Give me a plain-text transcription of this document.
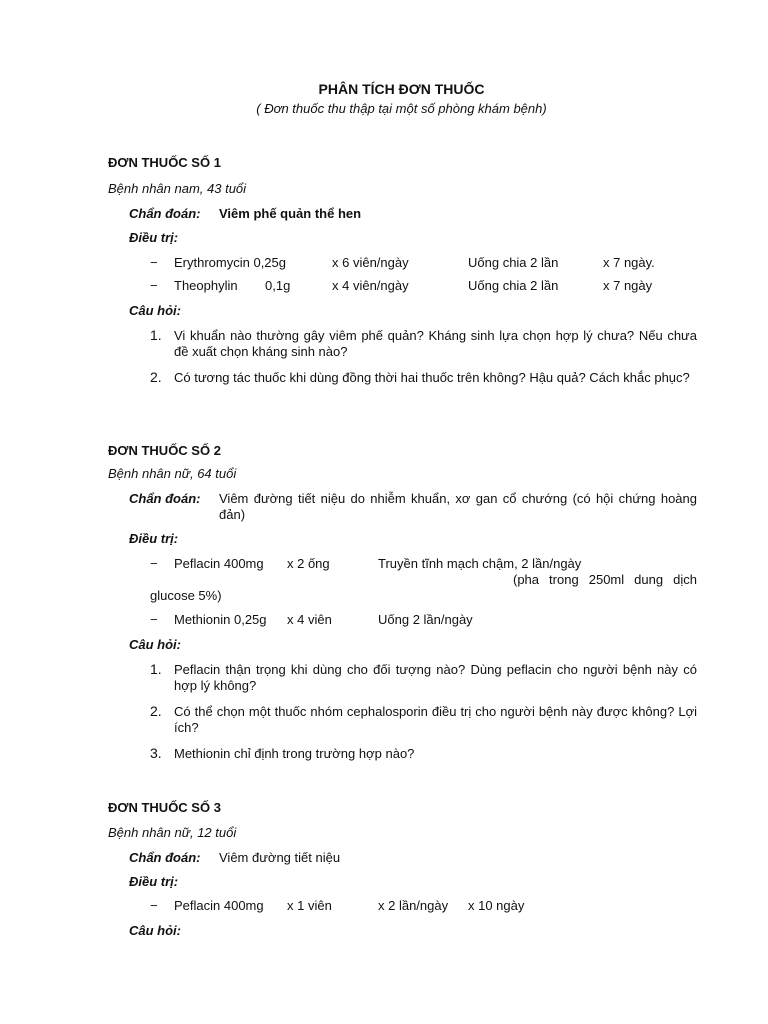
PHÂN TÍCH ĐƠN THUỐC
( Đơn thuốc thu thập tại một số phòng khám bệnh)
ĐƠN THUỐC SỐ 1
Bệnh nhân nam, 43 tuổi
Chẩn đoán: Viêm phế quản thể hen
Điều trị:
− Erythromycin 0,25g	x 6 viên/ngày	Uống chia 2 lần	x 7 ngày.
− Theophylin 0,1g	x 4 viên/ngày	Uống chia 2 lần	x 7 ngày
Câu hỏi:
1. Vi khuẩn nào thường gây viêm phế quản? Kháng sinh lựa chọn hợp lý chưa? Nếu chưa đề xuất chọn kháng sinh nào?
2. Có tương tác thuốc khi dùng đồng thời hai thuốc trên không? Hậu quả? Cách khắc phục?
ĐƠN THUỐC SỐ 2
Bệnh nhân nữ, 64 tuổi
Chẩn đoán: Viêm đường tiết niệu do nhiễm khuẩn, xơ gan cổ chướng (có hội chứng hoàng đản)
Điều trị:
− Peflacin 400mg x 2 ống	Truyền tĩnh mạch chậm, 2 lần/ngày
(pha trong 250ml dung dịch glucose 5%)
− Methionin 0,25g x 4 viên	Uống 2 lần/ngày
Câu hỏi:
1. Peflacin thận trọng khi dùng cho đối tượng nào? Dùng peflacin cho người bệnh này có hợp lý không?
2. Có thể chọn một thuốc nhóm cephalosporin điều trị cho người bệnh này được không? Lợi ích?
3. Methionin chỉ định trong trường hợp nào?
ĐƠN THUỐC SỐ 3
Bệnh nhân nữ, 12 tuổi
Chẩn đoán: Viêm đường tiết niệu
Điều trị:
− Peflacin 400mg x 1 viên	x 2 lần/ngày x 10 ngày
Câu hỏi:
